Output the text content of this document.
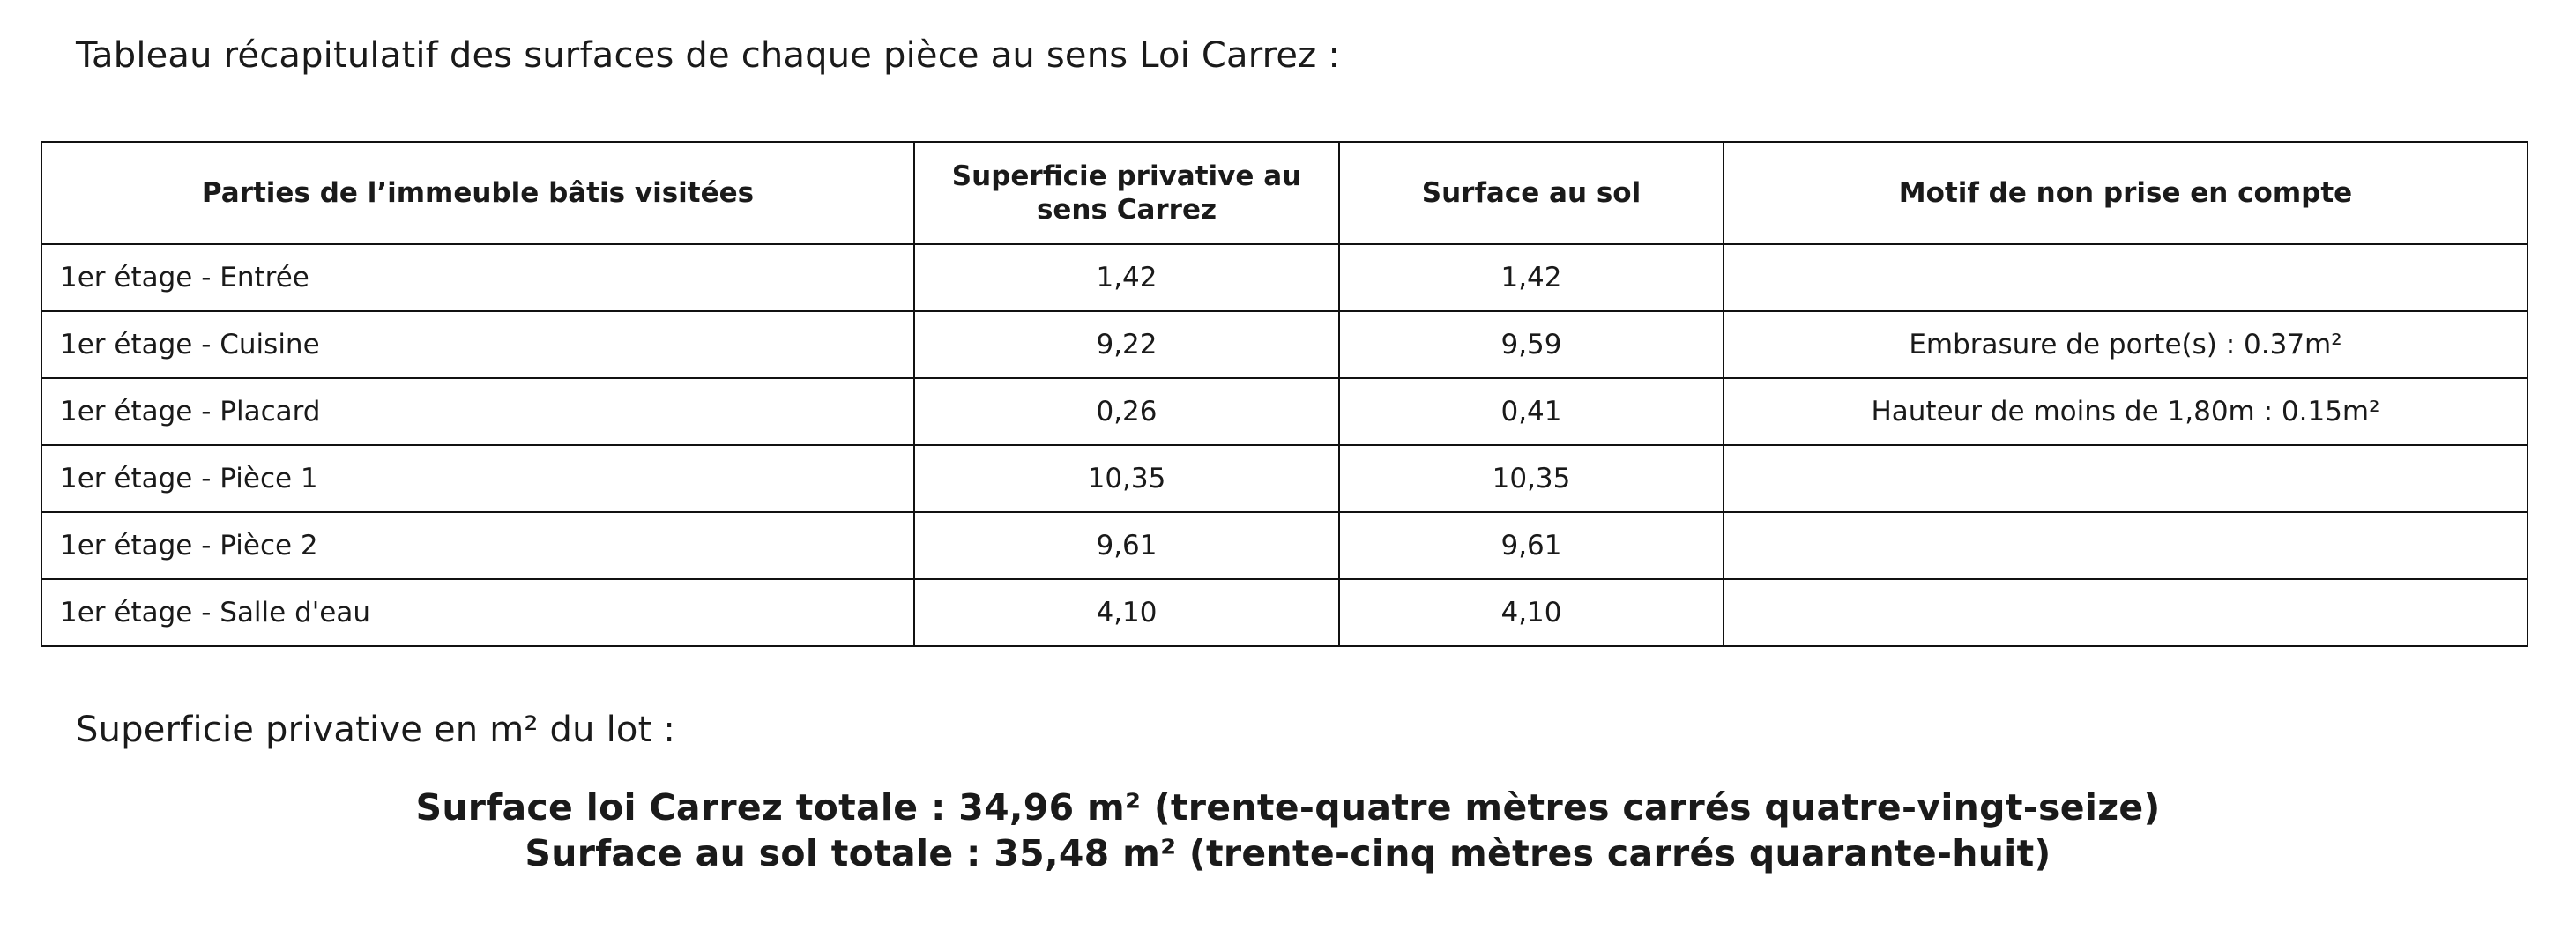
Tableau récapitulatif des surfaces de chaque pièce au sens Loi Carrez :
Parties de l’immeuble bâtis visitées	Superficie privative au sens Carrez	Surface au sol	Motif de non prise en compte
1er étage - Entrée	1,42	1,42	
1er étage - Cuisine	9,22	9,59	Embrasure de porte(s) : 0.37m²
1er étage - Placard	0,26	0,41	Hauteur de moins de 1,80m : 0.15m²
1er étage - Pièce 1	10,35	10,35	
1er étage - Pièce 2	9,61	9,61	
1er étage - Salle d'eau	4,10	4,10	
Superficie privative en m² du lot :
Surface loi Carrez totale : 34,96 m² (trente-quatre mètres carrés quatre-vingt-seize)
Surface au sol totale : 35,48 m² (trente-cinq mètres carrés quarante-huit)
